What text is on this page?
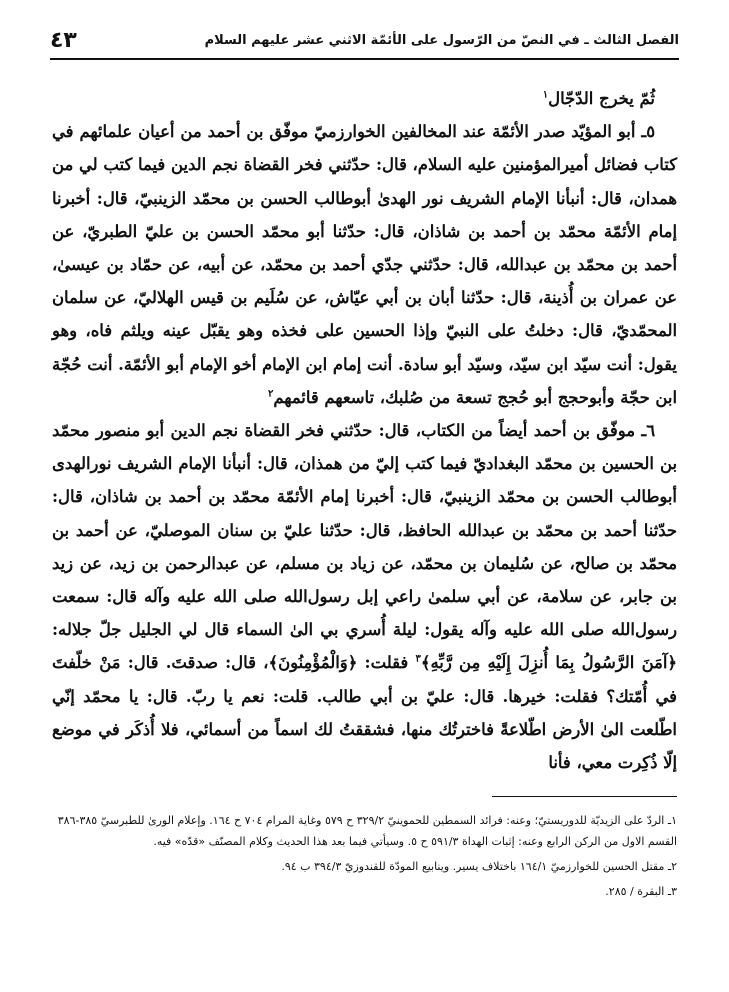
٤٣	الفصل الثالث ـ في النصّ من الرّسول على الأئمّة الاثني عشر عليهم السلام

ثُمّ يخرج الدّجّال$^١$

٥ـ أبو المؤيّد صدر الأئمّة عند المخالفين الخوارزميّ موفّق بن أحمد من أعيان علمائهم في كتاب فضائل أميرالمؤمنين عليه السلام، قال: حدّثني فخر القضاة نجم الدين فيما كتب لي من همدان، قال: أنبأنا الإمام الشريف نور الهدىٰ أبوطالب الحسن بن محمّد الزينبيّ، قال: أخبرنا إمام الأئمّة محمّد بن أحمد بن شاذان، قال: حدّثنا أبو محمّد الحسن بن عليّ الطبريّ، عن أحمد بن محمّد بن عبدالله، قال: حدّثني جدّي أحمد بن محمّد، عن أبيه، عن حمّاد بن عيسىٰ، عن عمران بن أُذينة، قال: حدّثنا أبان بن أبي عيّاش، عن سُلَيم بن قيس الهلاليّ، عن سلمان المحمّديّ، قال: دخلتُ على النبيّ وإذا الحسين على فخذه وهو يقبّل عينه ويلثم فاه، وهو يقول: أنت سيّد ابن سيّد، وسيّد أبو سادة. أنت إمام ابن الإمام أخو الإمام أبو الأئمّة. أنت حُجّة ابن حجّة وأبوحجج أبو حُجج تسعة من صُلبك، تاسعهم قائمهم$^٢$

٦ـ موفّق بن أحمد أيضاً من الكتاب، قال: حدّثني فخر القضاة نجم الدين أبو منصور محمّد بن الحسين بن محمّد البغداديّ فيما كتب إليّ من همذان، قال: أنبأنا الإمام الشريف نورالهدى أبوطالب الحسن بن محمّد الزينبيّ، قال: أخبرنا إمام الأئمّة محمّد بن أحمد بن شاذان، قال: حدّثنا أحمد بن محمّد بن عبدالله الحافظ، قال: حدّثنا عليّ بن سنان الموصليّ، عن أحمد بن محمّد بن صالح، عن سُليمان بن محمّد، عن زياد بن مسلم، عن عبدالرحمن بن زيد، عن زيد بن جابر، عن سلامة، عن أبي سلمىٰ راعي إبل رسول‌الله صلى الله عليه وآله قال: سمعت رسول‌الله صلى الله عليه وآله يقول: ليلة أُسري بي الىٰ السماء قال لي الجليل جلّ جلاله: ﴿آمَنَ الرَّسُولُ بِمَا أُنزِلَ إِلَيْهِ مِن رَّبِّهِ﴾$^٣$ فقلت: ﴿وَالْمُؤْمِنُونَ﴾، قال: صدقتَ. قال: مَنْ خلّفتَ في أُمّتك؟ فقلت: خيرها. قال: عليّ بن أبي طالب. قلت: نعم يا ربّ. قال: يا محمّد إنّي اطّلعت الىٰ الأرض اطّلاعةً فاخترتُك منها، فشققتُ لك اسماً من أسمائي، فلا أُذكَر في موضع إلّا ذُكِرت معي، فأنا

١ـ الردّ على الزيديّة للدوريستيّ؛ وعنه: فرائد السمطين للحموينيّ ٣٢٩/٢ ح ٥٧٩ وغاية المرام ٧٠٤ ح ١٦٤. وإعلام الورىٰ للطبرسيّ ٣٨٥-٣٨٦ القسم الاول من الركن الرابع وعنه: إثبات الهداة ٥٩١/٣ ح ٥. وسيأتي فيما بعد هذا الحديث وكلام المصنّف «قدّه» فيه.

٢ـ مقتل الحسين للخوارزميّ ١٦٤/١ باختلاف يسير. وينابيع المودّة للقندوزيّ ٣٩٤/٣ ب ٩٤.

٣ـ البقرة / ٢٨٥.
